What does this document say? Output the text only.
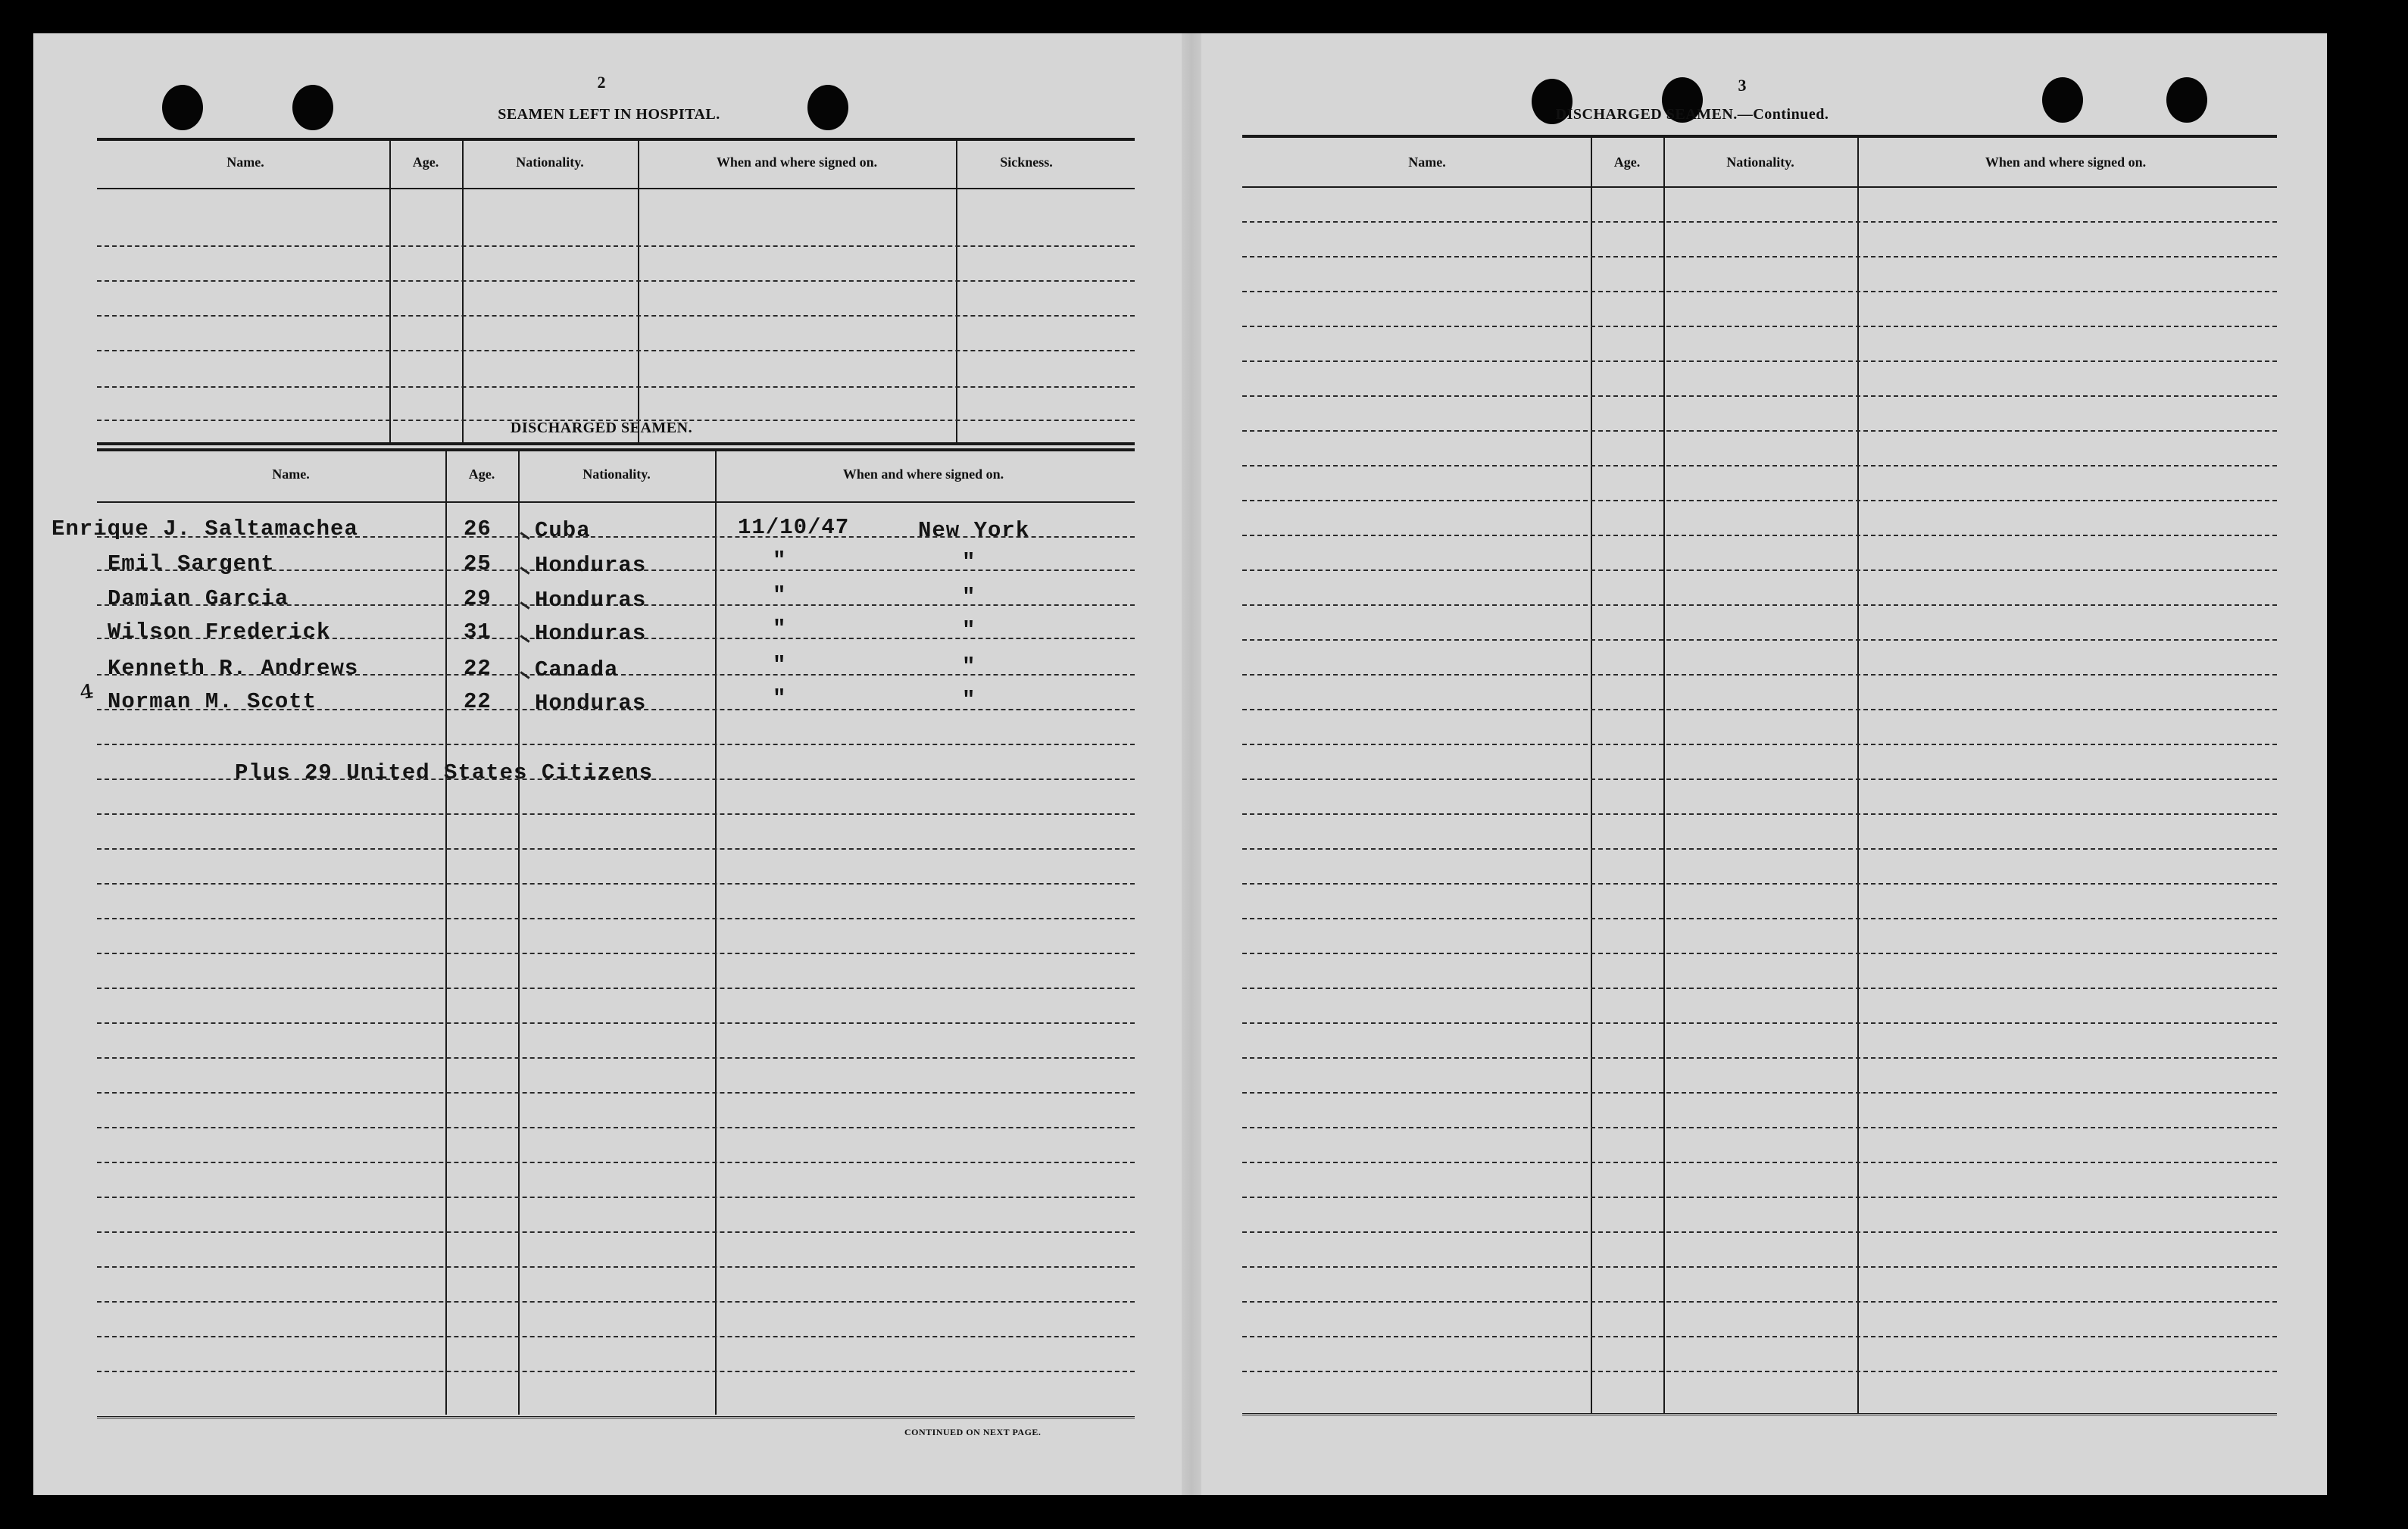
2
SEAMEN LEFT IN HOSPITAL.
Name.	Age.	Nationality.	When and where signed on.	Sickness.
DISCHARGED SEAMEN.
Name.	Age.	Nationality.	When and where signed on.
CONTINUED ON NEXT PAGE.
Enrique J. Saltamachea	26 Cuba	11/10/47	New York
Emil Sargent	25 Honduras	"	"
Damian Garcia	29 Honduras	"	"
Wilson Frederick	31 Honduras	"	"
Kenneth R. Andrews	22 Canada	"	"
⁴ Norman M. Scott	22 Honduras	"	"
Plus 29 United States Citizens
3
DISCHARGED SEAMEN.—Continued.
Name.	Age.	Nationality.	When and where signed on.
